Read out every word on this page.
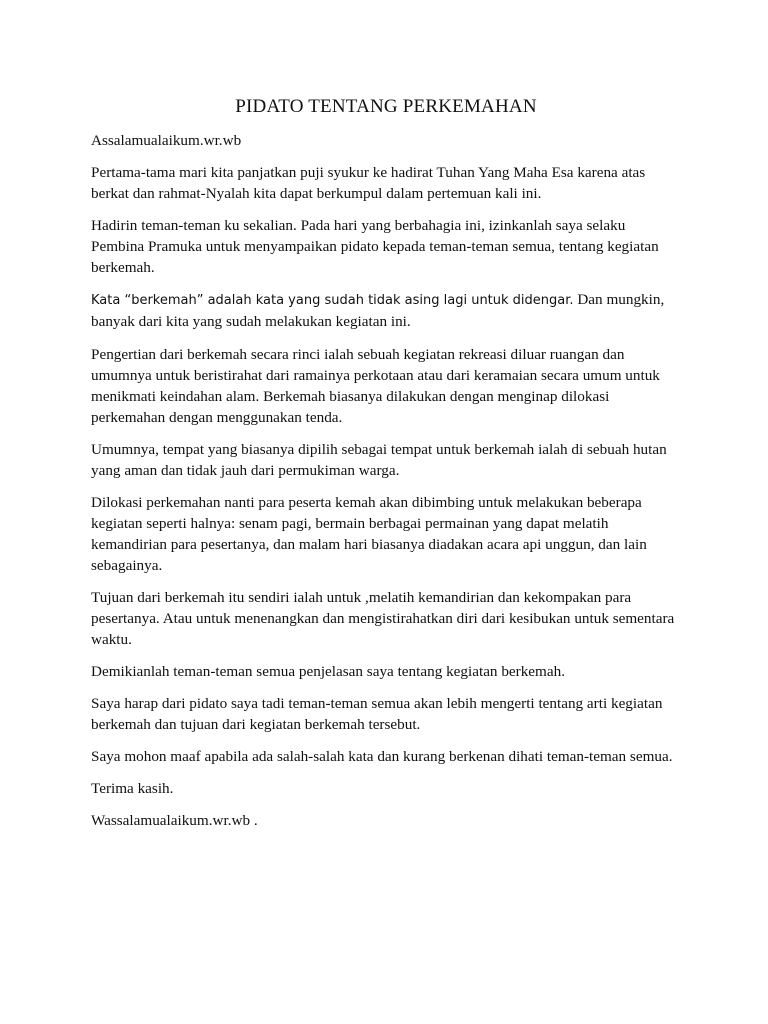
PIDATO TENTANG PERKEMAHAN

Assalamualaikum.wr.wb

Pertama-tama mari kita panjatkan puji syukur ke hadirat Tuhan Yang Maha Esa karena atas berkat dan rahmat-Nyalah kita dapat berkumpul dalam pertemuan kali ini.

Hadirin teman-teman ku sekalian. Pada hari yang berbahagia ini, izinkanlah saya selaku Pembina Pramuka untuk menyampaikan pidato kepada teman-teman semua, tentang kegiatan berkemah.

Kata “berkemah” adalah kata yang sudah tidak asing lagi untuk didengar. Dan mungkin, banyak dari kita yang sudah melakukan kegiatan ini.

Pengertian dari berkemah secara rinci ialah sebuah kegiatan rekreasi diluar ruangan dan umumnya untuk beristirahat dari ramainya perkotaan atau dari keramaian secara umum untuk menikmati keindahan alam. Berkemah biasanya dilakukan dengan menginap dilokasi perkemahan dengan menggunakan tenda.

Umumnya, tempat yang biasanya dipilih sebagai tempat untuk berkemah ialah di sebuah hutan yang aman dan tidak jauh dari permukiman warga.

Dilokasi perkemahan nanti para peserta kemah akan dibimbing untuk melakukan beberapa kegiatan seperti halnya: senam pagi, bermain berbagai permainan yang dapat melatih kemandirian para pesertanya, dan malam hari biasanya diadakan acara api unggun, dan lain sebagainya.

Tujuan dari berkemah itu sendiri ialah untuk ,melatih kemandirian dan kekompakan para pesertanya. Atau untuk menenangkan dan mengistirahatkan diri dari kesibukan untuk sementara waktu.

Demikianlah teman-teman semua penjelasan saya tentang kegiatan berkemah.

Saya harap dari pidato saya tadi teman-teman semua akan lebih mengerti tentang arti kegiatan berkemah dan tujuan dari kegiatan berkemah tersebut.

Saya mohon maaf apabila ada salah-salah kata dan kurang berkenan dihati teman-teman semua.

Terima kasih.

Wassalamualaikum.wr.wb .
